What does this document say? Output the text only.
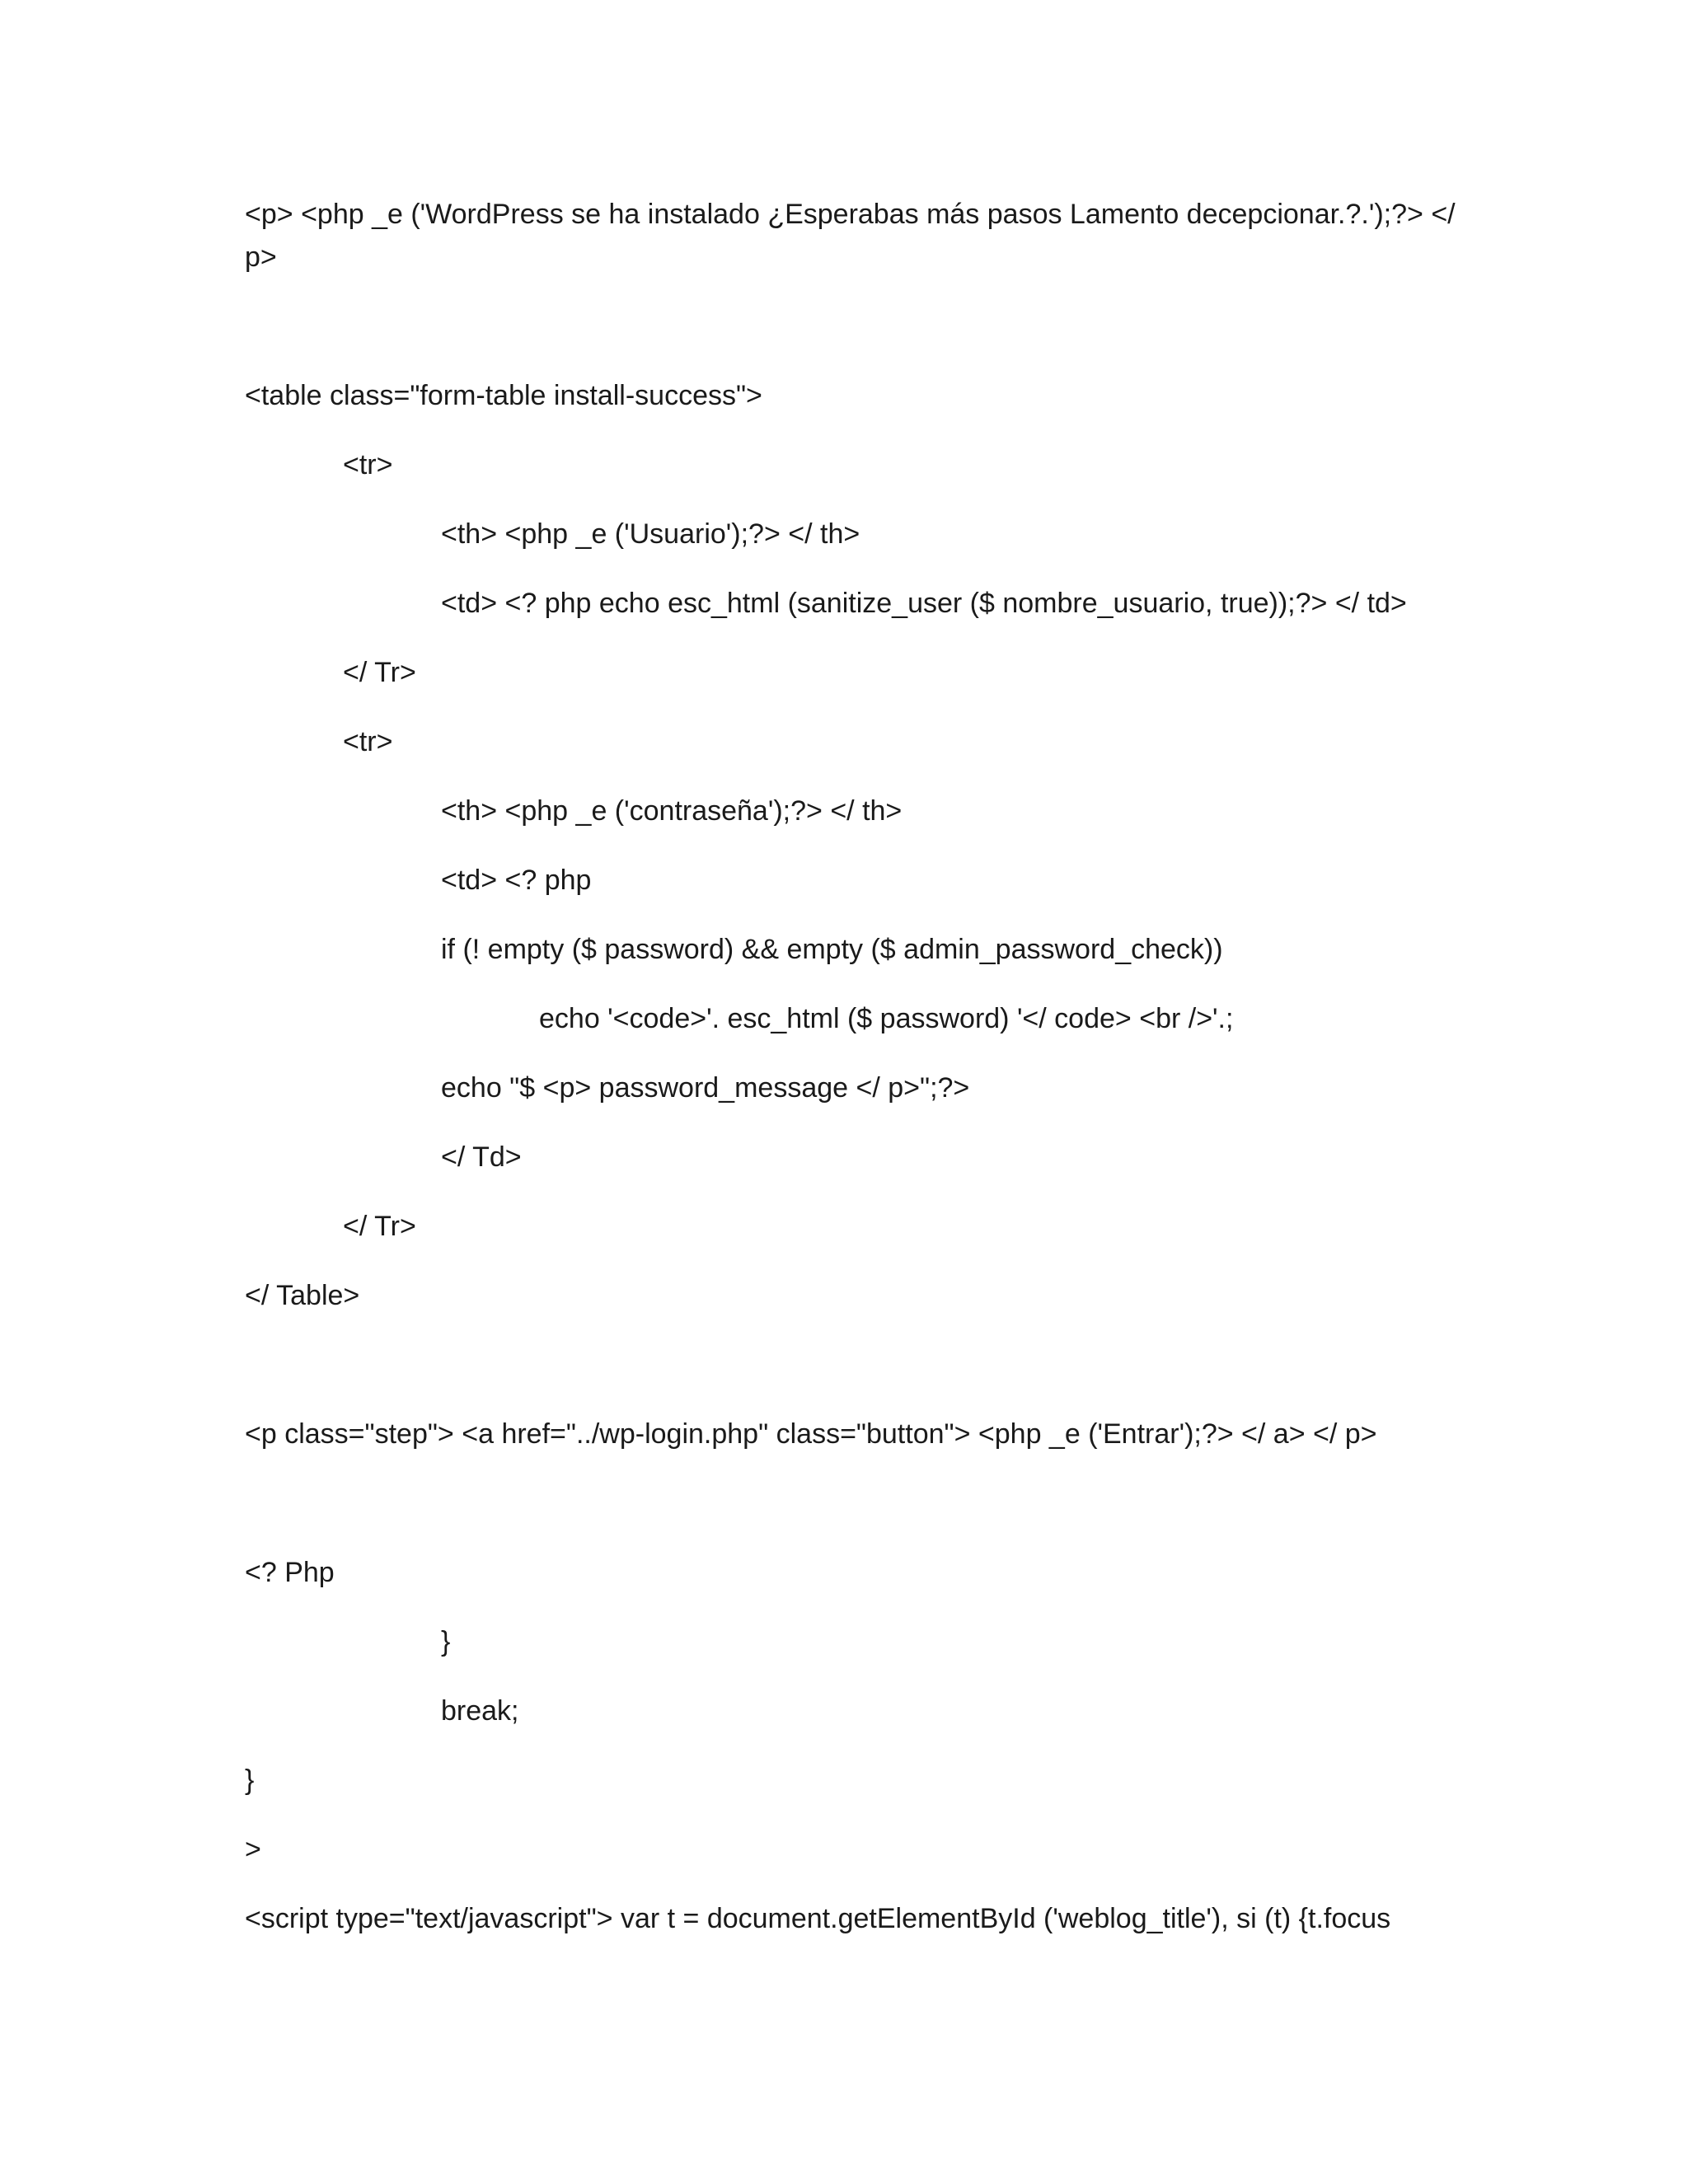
<p> <php _e ('WordPress se ha instalado ¿Esperabas más pasos Lamento decepcionar.?.');?> </
p>
<table class="form-table install-success">
<tr>
<th> <php _e ('Usuario');?> </ th>
<td> <? php echo esc_html (sanitize_user ($ nombre_usuario, true));?> </ td>
</ Tr>
<tr>
<th> <php _e ('contraseña');?> </ th>
<td> <? php
if (! empty ($ password) && empty ($ admin_password_check))
echo '<code>'. esc_html ($ password) '</ code> <br />'.;
echo "$ <p> password_message </ p>";?>
</ Td>
</ Tr>
</ Table>
<p class="step"> <a href="../wp-login.php" class="button"> <php _e ('Entrar');?> </ a> </ p>
<? Php
}
break;
}
>
<script type="text/javascript"> var t = document.getElementById ('weblog_title'), si (t) {t.focus
